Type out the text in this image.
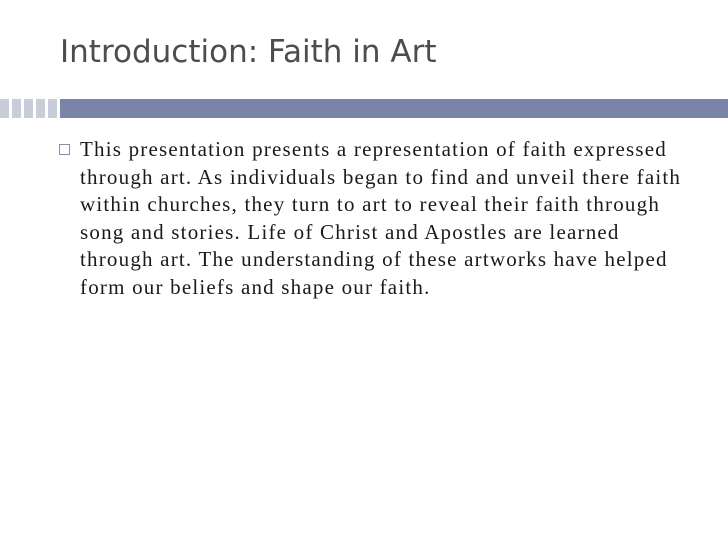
Introduction: Faith in Art

This presentation presents a representation of faith expressed through art. As individuals began to find and unveil there faith within churches, they turn to art to reveal their faith through song and stories. Life of Christ and Apostles are learned through art. The understanding of these artworks have helped form our beliefs and shape our faith.
